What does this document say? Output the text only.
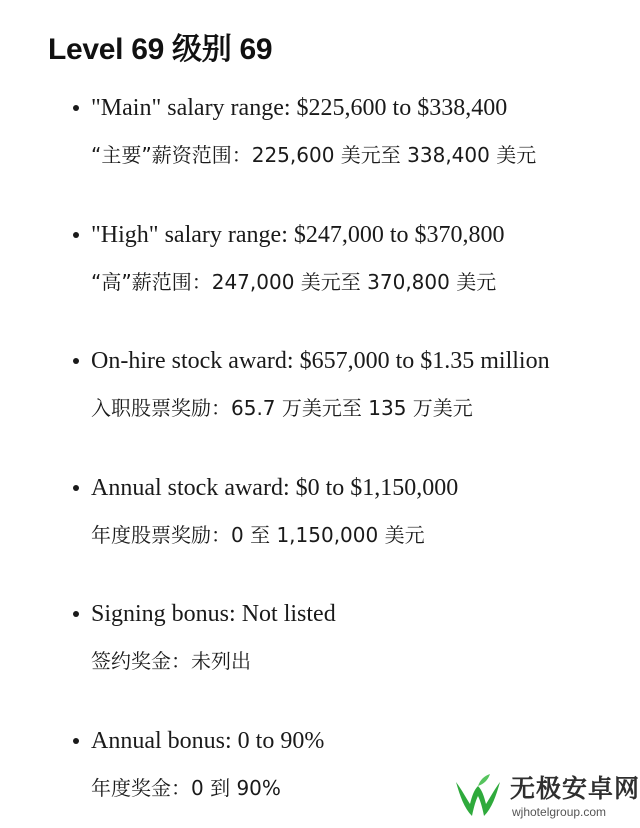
Level 69 级别 69
"Main" salary range: $225,600 to $338,400
“主要”薪资范围：225,600 美元至 338,400 美元
"High" salary range: $247,000 to $370,800
“高”薪范围：247,000 美元至 370,800 美元
On-hire stock award: $657,000 to $1.35 million
入职股票奖励：65.7 万美元至 135 万美元
Annual stock award: $0 to $1,150,000
年度股票奖励：0 至 1,150,000 美元
Signing bonus: Not listed
签约奖金：未列出
Annual bonus: 0 to 90%
年度奖金：0 到 90%	无极安卓网
wjhotelgroup.com
